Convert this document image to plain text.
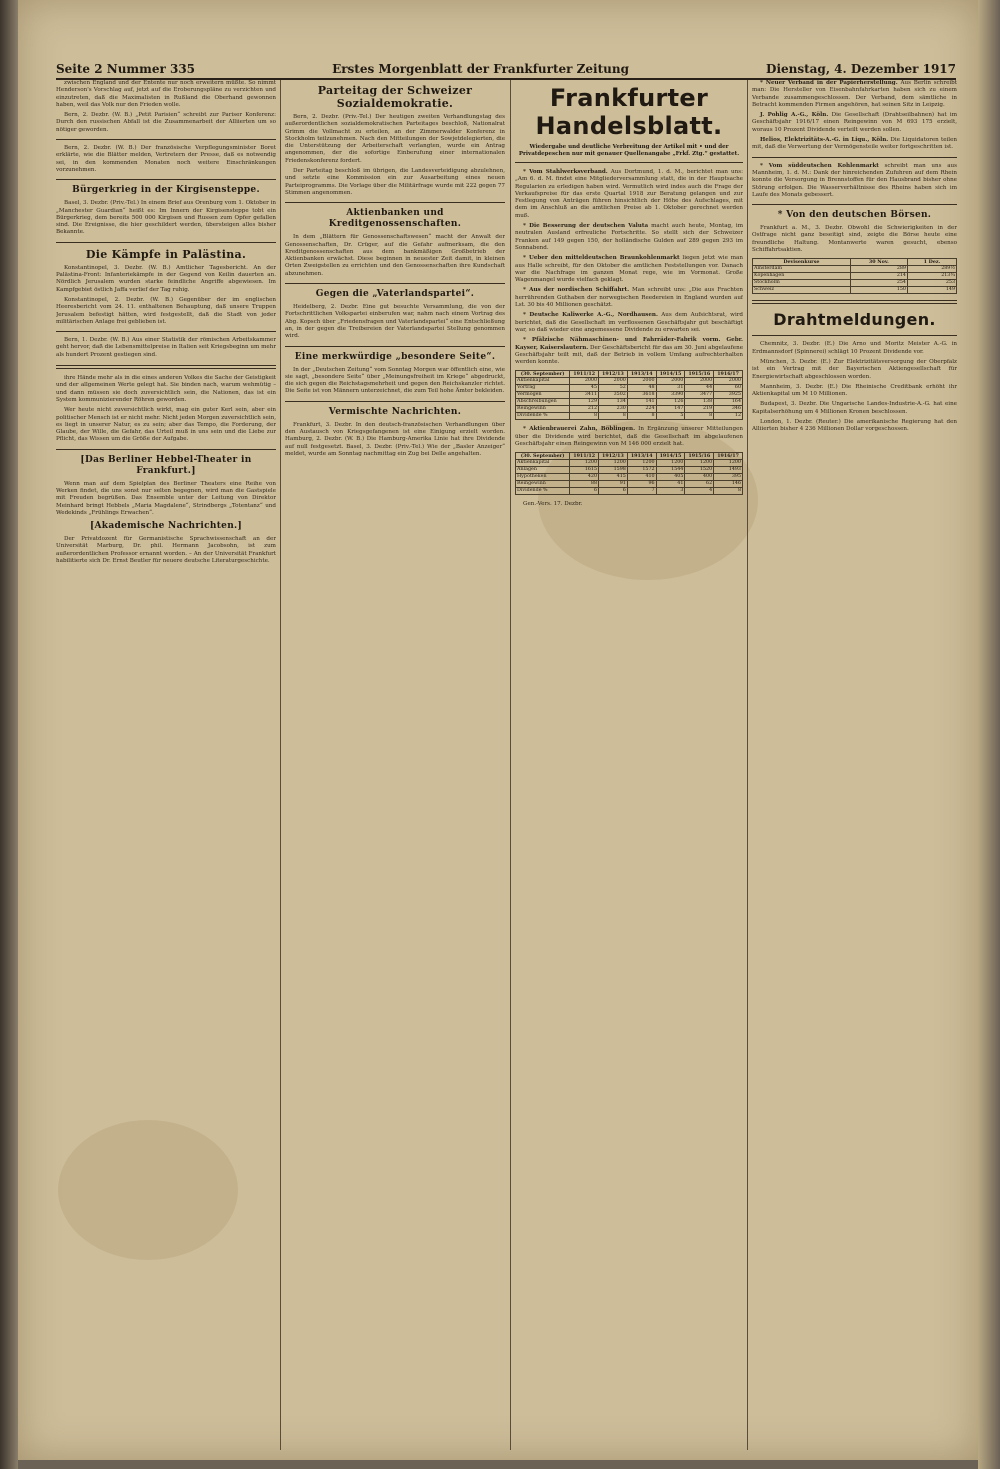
Seite 2 Nummer 335	Erstes Morgenblatt der Frankfurter Zeitung	Dienstag, 4. Dezember 1917

zwischen England und der Entente nur noch erweitern müßte. So nimmt Henderson's Vorschlag auf, jetzt auf die Eroberungspläne zu verzichten und einzutreten, daß die Maximalisten in Rußland die Oberhand gewonnen haben, weil das Volk nur den Frieden wolle.

Bern, 2. Dezbr. (W. B.) „Petit Parisien“ schreibt zur Pariser Konferenz: Durch den russischen Abfall ist die Zusammenarbeit der Alliierten um so nötiger geworden.

Bern, 2. Dezbr. (W. B.) Der französische Verpflegungsminister Boret erklärte, wie die Blätter melden, Vertretern der Presse, daß es notwendig sei, in den kommenden Monaten noch weitere Einschränkungen vorzunehmen.

Bürgerkrieg in der Kirgisensteppe.

Basel, 3. Dezbr. (Priv.-Tel.) In einem Brief aus Orenburg vom 1. Oktober in „Manchester Guardian“ heißt es: Im Innern der Kirgisensteppe tobt ein Bürgerkrieg, dem bereits 500 000 Kirgisen und Russen zum Opfer gefallen sind. Die Ereignisse, die hier geschildert werden, übersteigen alles bisher Bekannte.

Die Kämpfe in Palästina.

Konstantinopel, 3. Dezbr. (W. B.) Amtlicher Tagesbericht. An der Palästina-Front: Infanteriekämpfe in der Gegend von Keilin dauerten an. Nördlich Jerusalem wurden starke feindliche Angriffe abgewiesen. Im Kampfgebiet östlich Jaffa verlief der Tag ruhig.

Konstantinopel, 2. Dezbr. (W. B.) Gegenüber der im englischen Heeresbericht vom 24. 11. enthaltenen Behauptung, daß unsere Truppen Jerusalem befestigt hätten, wird festgestellt, daß die Stadt von jeder militärischen Anlage frei geblieben ist.

Bern, 1. Dezbr. (W. B.) Aus einer Statistik der römischen Arbeitskammer geht hervor, daß die Lebensmittelpreise in Italien seit Kriegsbeginn um mehr als hundert Prozent gestiegen sind.

ihre Hände mehr als in die eines anderen Volkes die Sache der Geistigkeit und der allgemeinen Werte gelegt hat. Sie binden nach, warum wehmütig – und dann müssen sie doch zuversichtlich sein, die Nationen, das ist ein System kommunizierender Röhren geworden.

Wer heute nicht zuversichtlich wirkt, mag ein guter Kerl sein, aber ein politischer Mensch ist er nicht mehr. Nicht jeden Morgen zuversichtlich sein, es liegt in unserer Natur, es zu sein; aber das Tempo, die Forderung, der Glaube, der Wille, die Gefahr, das Urteil muß in uns sein und die Liebe zur Pflicht, das Wissen um die Größe der Aufgabe.

[Das Berliner Hebbel-Theater in Frankfurt.]

Wenn man auf dem Spielplan des Berliner Theaters eine Reihe von Werken findet, die uns sonst nur selten begegnen, wird man die Gastspiele mit Freuden begrüßen. Das Ensemble unter der Leitung von Direktor Meinhard bringt Hebbels „Maria Magdalene“, Strindbergs „Totentanz“ und Wedekinds „Frühlings Erwachen“.

[Akademische Nachrichten.]

Der Privatdozent für Germanistische Sprachwissenschaft an der Universität Marburg, Dr. phil. Hermann Jacobsohn, ist zum außerordentlichen Professor ernannt worden. – An der Universität Frankfurt habilitierte sich Dr. Ernst Beutler für neuere deutsche Literaturgeschichte.

Parteitag der Schweizer Sozialdemokratie.

Bern, 2. Dezbr. (Priv.-Tel.) Der heutigen zweiten Verhandlungstag des außerordentlichen sozialdemokratischen Parteitages beschloß, Nationalrat Grimm die Vollmacht zu erteilen, an der Zimmerwalder Konferenz in Stockholm teilzunehmen. Nach den Mitteilungen der Sowjetdelegierten, die die Unterstützung der Arbeiterschaft verlangten, wurde ein Antrag angenommen, der die sofortige Einberufung einer internationalen Friedenskonferenz fordert.

Der Parteitag beschloß im übrigen, die Landesverteidigung abzulehnen, und setzte eine Kommission ein zur Ausarbeitung eines neuen Parteiprogramms. Die Vorlage über die Militärfrage wurde mit 222 gegen 77 Stimmen angenommen.

Aktienbanken und Kreditgenossenschaften.

In dem „Blättern für Genossenschaftswesen“ macht der Anwalt der Genossenschaften, Dr. Crüger, auf die Gefahr aufmerksam, die den Kreditgenossenschaften aus dem bankmäßigen Großbetrieb der Aktienbanken erwächst. Diese beginnen in neuester Zeit damit, in kleinen Orten Zweigstellen zu errichten und den Genossenschaften ihre Kundschaft abzunehmen.

Gegen die „Vaterlandspartei“.

Heidelberg, 2. Dezbr. Eine gut besuchte Versammlung, die von der Fortschrittlichen Volkspartei einberufen war, nahm nach einem Vortrag des Abg. Kopsch über „Friedensfragen und Vaterlandspartei“ eine Entschließung an, in der gegen die Treibereien der Vaterlandspartei Stellung genommen wird.

Eine merkwürdige „besondere Seite“.

In der „Deutschen Zeitung“ vom Sonntag Morgen war öffentlich eine, wie sie sagt, „besondere Seite“ über „Meinungsfreiheit im Kriege“ abgedruckt, die sich gegen die Reichstagsmehrheit und gegen den Reichskanzler richtet. Die Seite ist von Männern unterzeichnet, die zum Teil hohe Ämter bekleiden.

Vermischte Nachrichten.

Frankfurt, 3. Dezbr. In den deutsch-französischen Verhandlungen über den Austausch von Kriegsgefangenen ist eine Einigung erzielt worden. Hamburg, 2. Dezbr. (W. B.) Die Hamburg-Amerika Linie hat ihre Dividende auf null festgesetzt. Basel, 3. Dezbr. (Priv.-Tel.) Wie der „Basler Anzeiger“ meldet, wurde am Sonntag nachmittag ein Zug bei Delle angehalten.

Frankfurter Handelsblatt.
Wiedergabe und deutliche Verbreitung der Artikel mit • und der Privatdepeschen nur mit genauer Quellenangabe „Frkf. Ztg.“ gestattet.

* Vom Stahlwerksverband. Aus Dortmund, 1. d. M., berichtet man uns: „Am 6. d. M. findet eine Mitgliederversammlung statt, die in der Hauptsache Regularien zu erledigen haben wird. Vermutlich wird indes auch die Frage der Verkaufspreise für das erste Quartal 1918 zur Beratung gelangen und zur Festlegung von Anträgen führen hinsichtlich der Höhe des Aufschlages, mit dem im Anschluß an die amtlichen Preise ab 1. Oktober gerechnet werden muß.

* Die Besserung der deutschen Valuta macht auch heute, Montag, im neutralen Ausland erfreuliche Fortschritte. So stellt sich der Schweizer Franken auf 149 gegen 150, der holländische Gulden auf 289 gegen 293 im Sonnabend.

* Ueber den mitteldeutschen Braunkohlenmarkt liegen jetzt wie man aus Halle schreibt, für den Oktober die amtlichen Feststellungen vor. Danach war die Nachfrage im ganzen Monat rege, wie im Vormonat. Große Wagenmangel wurde vielfach geklagt.

* Aus der nordischen Schiffahrt. Man schreibt uns: „Die aus Frachten herrührenden Guthaben der norwegischen Reedereien in England wurden auf Lst. 30 bis 40 Millionen geschätzt.

* Deutsche Kaliwerke A.-G., Nordhausen. Aus dem Aufsichtsrat, wird berichtet, daß die Gesellschaft im verflossenen Geschäftsjahr gut beschäftigt war, so daß wieder eine angemessene Dividende zu erwarten sei.

* Pfälzische Nähmaschinen- und Fahrräder-Fabrik vorm. Gebr. Kayser, Kaiserslautern. Der Geschäftsbericht für das am 30. Juni abgelaufene Geschäftsjahr teilt mit, daß der Betrieb in vollem Umfang aufrechterhalten werden konnte.

(30. September)	1911/12	1912/13	1913/14	1914/15	1915/16	1916/17
Aktienkapital	2000	2000	2000	2000	2000	2000
Vortrag	45	52	48	31	44	60
Vermögen	3411	3502	3618	3390	3477	3925
Abschreibungen	129	134	141	126	138	164
Reingewinn	212	230	224	147	219	346
Dividende %	8	8	8	5	8	12

* Aktienbrauerei Zahn, Böblingen. In Ergänzung unserer Mitteilungen über die Dividende wird berichtet, daß die Gesellschaft im abgelaufenen Geschäftsjahr einen Reingewinn von M 146 000 erzielt hat.

(30. September)	1911/12	1912/13	1913/14	1914/15	1915/16	1916/17
Aktienkapital	1200	1200	1200	1200	1200	1200
Anlagen	1615	1598	1572	1544	1520	1493
Hypotheken	420	415	410	405	400	395
Reingewinn	88	91	96	41	62	146
Dividende %	6	6	7	3	4	8

Gen.-Vers. 17. Dezbr.

* Neuer Verband in der Papierherstellung. Aus Berlin schreibt man: Die Hersteller von Eisenbahnfahrkarten haben sich zu einem Verbande zusammengeschlossen. Der Verband, dem sämtliche in Betracht kommenden Firmen angehören, hat seinen Sitz in Leipzig.

J. Pohlig A.-G., Köln. Die Gesellschaft (Drahtseilbahnen) hat im Geschäftsjahr 1916/17 einen Reingewinn von M 693 175 erzielt, woraus 10 Prozent Dividende verteilt werden sollen.

Helios, Elektrizitäts-A.-G. in Liqu., Köln. Die Liquidatoren teilen mit, daß die Verwertung der Vermögensteile weiter fortgeschritten ist.

* Vom süddeutschen Kohlenmarkt schreibt man uns aus Mannheim, 1. d. M.: Dank der hinreichenden Zufuhren auf dem Rhein konnte die Versorgung in Brennstoffen für den Hausbrand bisher ohne Störung erfolgen. Die Wasserverhältnisse des Rheins haben sich im Laufe des Monats gebessert.

* Von den deutschen Börsen.

Frankfurt a. M., 3. Dezbr. Obwohl die Schwierigkeiten in der Ostfrage nicht ganz beseitigt sind, zeigte die Börse heute eine freundliche Haltung. Montanwerte waren gesucht, ebenso Schiffahrtsaktien.

Devisenkurse	30 Nov.	1 Dez.
Amsterdam	289	289½
Kopenhagen	214	213¾
Stockholm	254	253
Schweiz	150	149
Drahtmeldungen.

Chemnitz, 3. Dezbr. (E.) Die Arno und Moritz Meister A.-G. in Erdmannsdorf (Spinnerei) schlägt 10 Prozent Dividende vor.

München, 3. Dezbr. (E.) Zur Elektrizitätsversorgung der Oberpfalz ist ein Vertrag mit der Bayerischen Aktiengesellschaft für Energiewirtschaft abgeschlossen worden.

Mannheim, 3. Dezbr. (E.) Die Rheinische Creditbank erhöht ihr Aktienkapital um M 10 Millionen.

Budapest, 3. Dezbr. Die Ungarische Landes-Industrie-A.-G. hat eine Kapitalserhöhung um 4 Millionen Kronen beschlossen.

London, 1. Dezbr. (Reuter.) Die amerikanische Regierung hat den Alliierten bisher 4 236 Millionen Dollar vorgeschossen.
